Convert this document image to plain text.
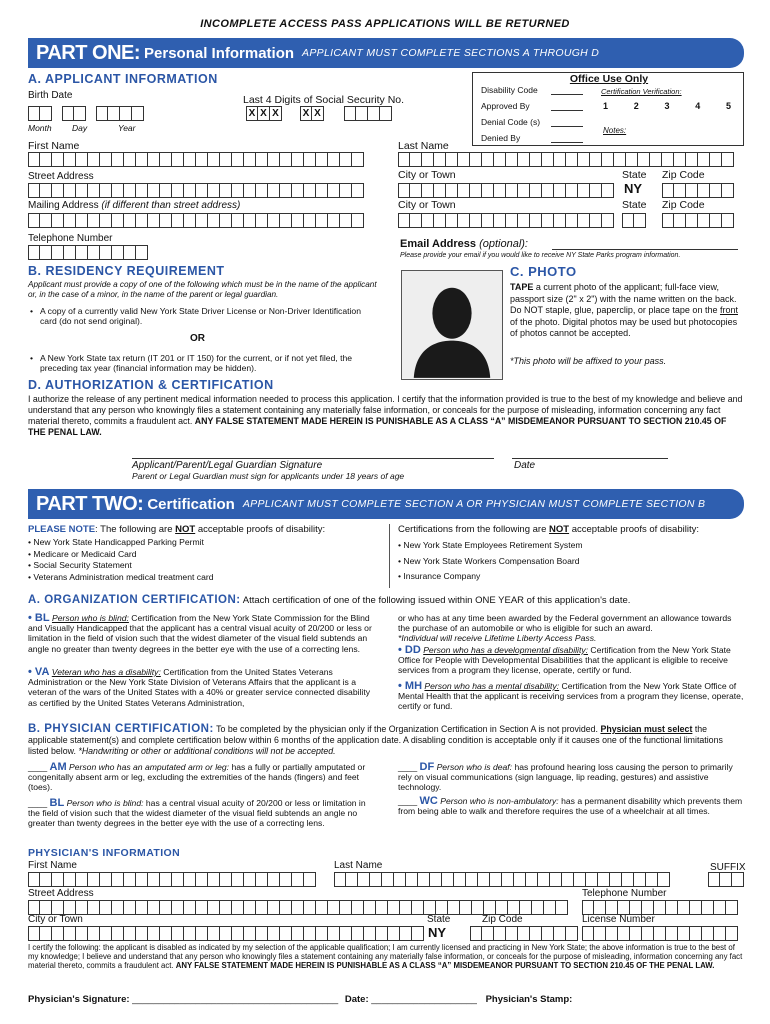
INCOMPLETE ACCESS PASS APPLICATIONS WILL BE RETURNED
PART ONE: Personal Information APPLICANT MUST COMPLETE SECTIONS A THROUGH D
A. APPLICANT INFORMATION
Birth Date
Month Day	Year
Last 4 Digits of Social Security No.
X X X	X X
Office Use Only
Disability Code
Approved By
Denial Code (s)
Denied By
Certification Verification:
1	2	3	4	5
Notes:
First Name	Last Name
Street Address	City or Town	State Zip Code
NY
Mailing Address (if different than street address)	City or Town	State Zip Code
Telephone Number	Email Address (optional):
Please provide your email if you would like to receive NY State Parks program information.
B. RESIDENCY REQUIREMENT
Applicant must provide a copy of one of the following which must be in the name of the applicant or, in the case of a minor, in the name of the parent or legal guardian.
• A copy of a currently valid New York State Driver License or Non-Driver Identification card (do not send original).
OR
• A New York State tax return (IT 201 or IT 150) for the current, or if not yet filed, the preceding tax year (financial information may be hidden).
C. PHOTO
TAPE a current photo of the applicant; full-face view, passport size (2" x 2") with the name written on the back. Do NOT staple, glue, paperclip, or place tape on the front of the photo. Digital photos may be used but photocopies of photos cannot be accepted.
*This photo will be affixed to your pass.
D. AUTHORIZATION & CERTIFICATION
I authorize the release of any pertinent medical information needed to process this application. I certify that the information provided is true to the best of my knowledge and believe and understand that any person who knowingly files a statement containing any materially false information, or conceals for the purpose of misleading, information concerning any fact material thereto, commits a fraudulent act. ANY FALSE STATEMENT MADE HEREIN IS PUNISHABLE AS A CLASS “A” MISDEMEANOR PURSUANT TO SECTION 210.45 OF THE PENAL LAW.
Applicant/Parent/Legal Guardian Signature
Parent or Legal Guardian must sign for applicants under 18 years of age
Date
PART TWO: Certification APPLICANT MUST COMPLETE SECTION A OR PHYSICIAN MUST COMPLETE SECTION B
PLEASE NOTE: The following are NOT acceptable proofs of disability:
• New York State Handicapped Parking Permit
• Medicare or Medicaid Card
• Social Security Statement
• Veterans Administration medical treatment card
Certifications from the following are NOT acceptable proofs of disability:
• New York State Employees Retirement System
• New York State Workers Compensation Board
• Insurance Company
A. ORGANIZATION CERTIFICATION: Attach certification of one of the following issued within ONE YEAR of this application's date.
• BL Person who is blind: Certification from the New York State Commission for the Blind and Visually Handicapped that the applicant has a central visual acuity of 20/200 or less or limitation in the field of vision such that the widest diameter of the visual field subtends an angle no greater than twenty degrees in the better eye with the use of a correcting lens.
• VA Veteran who has a disability: Certification from the United States Veterans Administration or the New York State Division of Veterans Affairs that the applicant is a veteran of the wars of the United States with a 40% or greater service connected disability as certified by the United States Veterans Administration,
or who has at any time been awarded by the Federal government an allowance towards the purchase of an automobile or who is eligible for such an award.
*Individual will receive Lifetime Liberty Access Pass.
• DD Person who has a developmental disability: Certification from the New York State Office for People with Developmental Disabilities that the applicant is eligible to receive services from a program they license, operate, certify or fund.
• MH Person who has a mental disability: Certification from the New York State Office of Mental Health that the applicant is receiving services from a program they license, operate, certify or fund.
B. PHYSICIAN CERTIFICATION: To be completed by the physician only if the Organization Certification in Section A is not provided. Physician must select the applicable statement(s) and complete certification below within 6 months of the application date. A disabling condition is acceptable only if it causes one of the functional limitations listed below. *Handwriting or other or additional conditions will not be accepted.
____ AM Person who has an amputated arm or leg: has a fully or partially amputated or congenitally absent arm or leg, excluding the extremities of the hands (fingers) and feet (toes).
____ BL Person who is blind: has a central visual acuity of 20/200 or less or limitation in the field of vision such that the widest diameter of the visual field subtends an angle no greater than twenty degrees in the better eye with the use of a correcting lens.
____ DF Person who is deaf: has profound hearing loss causing the person to primarily rely on visual communications (sign language, lip reading, gestures) and assistive technology.
____ WC Person who is non-ambulatory: has a permanent disability which prevents them from being able to walk and therefore requires the use of a wheelchair at all times.
PHYSICIAN'S INFORMATION
First Name	Last Name	SUFFIX
Street Address	Telephone Number
City or Town	State	Zip Code	License Number
NY
I certify the following: the applicant is disabled as indicated by my selection of the applicable qualification; I am currently licensed and practicing in New York State; the above information is true to the best of my knowledge; I believe and understand that any person who knowingly files a statement containing any materially false information, or conceals for the purpose of misleading, information concerning any fact material thereto, commits a fraudulent act. ANY FALSE STATEMENT MADE HEREIN IS PUNISHABLE AS A CLASS “A” MISDEMEANOR PURSUANT TO SECTION 210.45 OF THE PENAL LAW.
Physician's Signature: _______________________________________ Date: ____________________ Physician's Stamp:
